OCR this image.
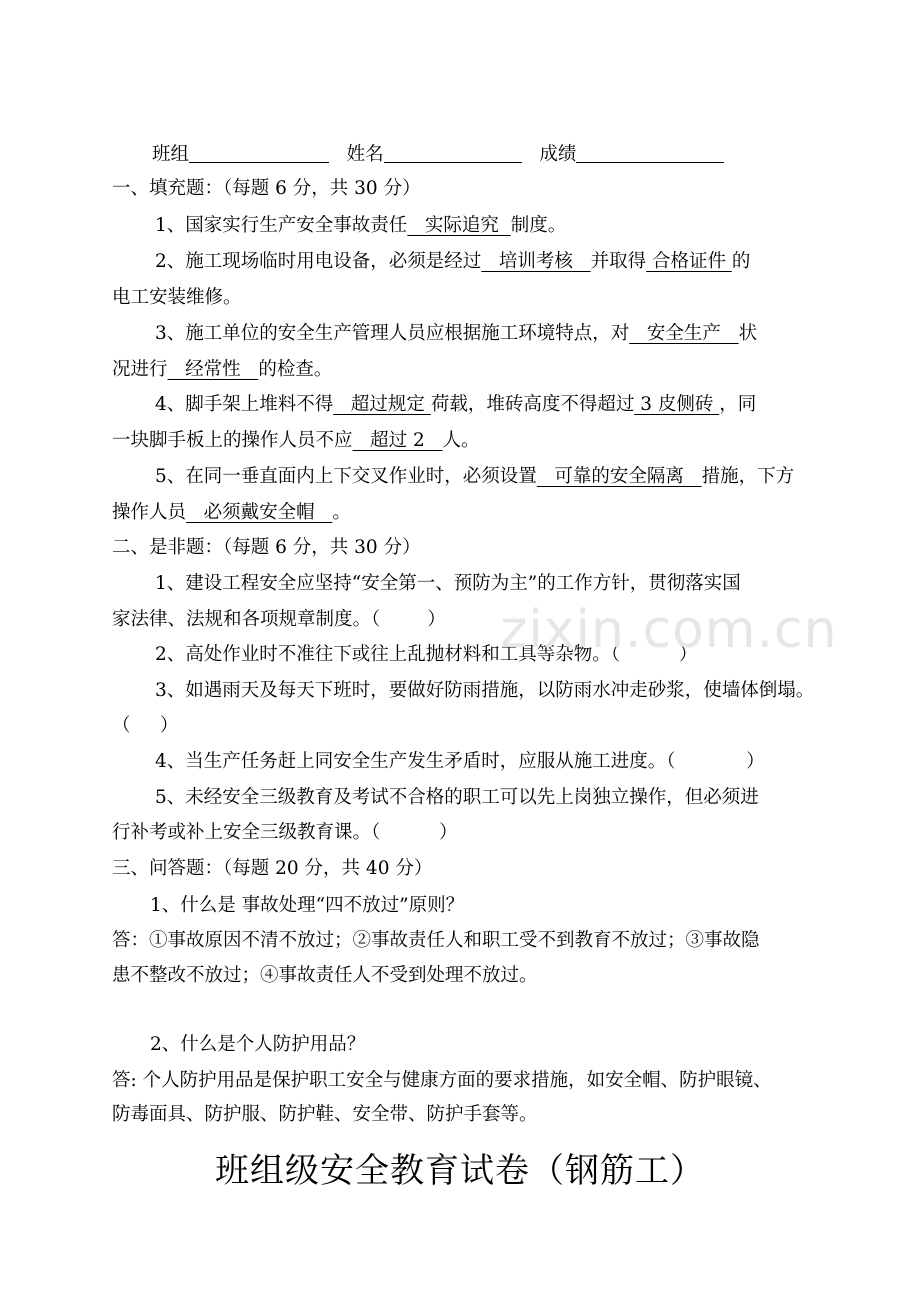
班组	姓名	成绩
一、填充题：（每题 6 分，共 30 分）
1、国家实行生产安全事故责任   实际追究  制度。
2、施工现场临时用电设备，必须是经过   培训考核   并取得 合格证件 的
电工安装维修。
3、施工单位的安全生产管理人员应根据施工环境特点，对   安全生产   状
况进行   经常性   的检查。
4、脚手架上堆料不得   超过规定 荷载，堆砖高度不得超过 3 皮侧砖 ，同
一块脚手板上的操作人员不应   超过 2   人。
5、在同一垂直面内上下交叉作业时，必须设置   可靠的安全隔离   措施，下方
操作人员   必须戴安全帽   。
二、是非题：（每题 6 分，共 30 分）
1、建设工程安全应坚持“安全第一、预防为主”的工作方针，贯彻落实国
家法律、法规和各项规章制度。（        ）
2、高处作业时不准往下或往上乱抛材料和工具等杂物。（          ）
3、如遇雨天及每天下班时，要做好防雨措施，以防雨水冲走砂浆，使墙体倒塌。
（     ）
4、当生产任务赶上同安全生产发生矛盾时，应服从施工进度。（            ）
5、未经安全三级教育及考试不合格的职工可以先上岗独立操作，但必须进
行补考或补上安全三级教育课。（          ）
三、问答题：（每题 20 分，共 40 分）
1、什么是 事故处理“四不放过”原则？
答：①事故原因不清不放过；②事故责任人和职工受不到教育不放过；③事故隐
患不整改不放过；④事故责任人不受到处理不放过。
2、什么是个人防护用品？
答: 个人防护用品是保护职工安全与健康方面的要求措施，如安全帽、防护眼镜、
防毒面具、防护服、防护鞋、安全带、防护手套等。
zixin.com.cn
班组级安全教育试卷（钢筋工）
